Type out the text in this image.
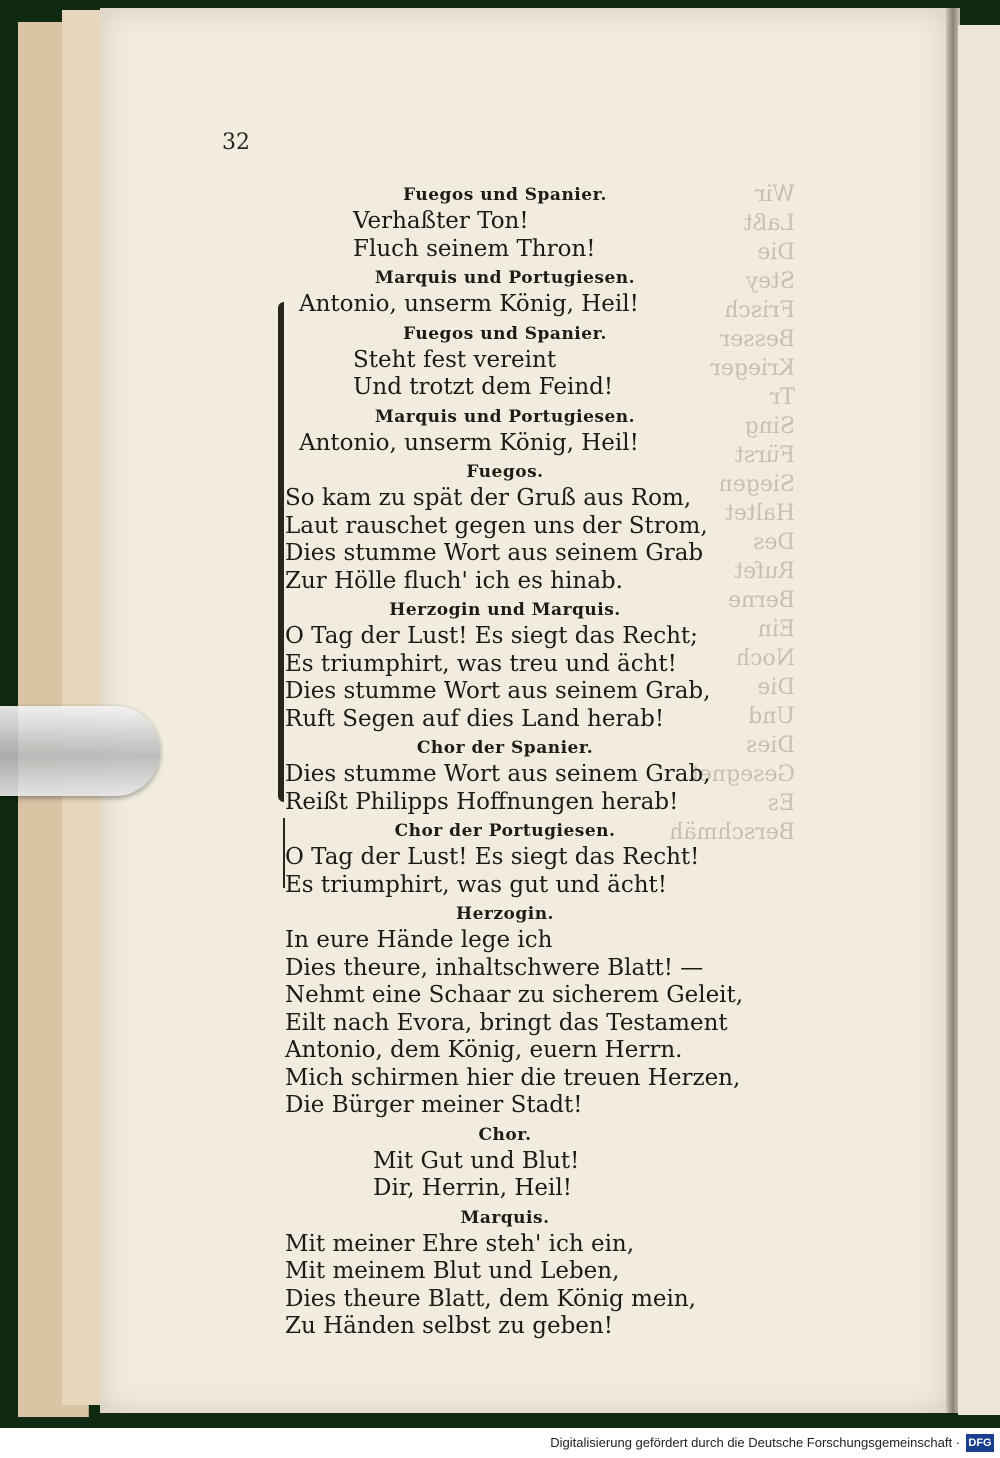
Wir
Laßt
Die
Stey
Frisch
Besser
Krieger
Tr
Sing
Fürst
Siegen
Haltet
Des
Rufet
Berne
Ein
Noch
Die
Und
Dies
Gesegnet
Es
Berschmäh
32
Fuegos und Spanier.
Verhaßter Ton!
Fluch seinem Thron!
Marquis und Portugiesen.
Antonio, unserm König, Heil!
Fuegos und Spanier.
Steht fest vereint
Und trotzt dem Feind!
Marquis und Portugiesen.
Antonio, unserm König, Heil!
Fuegos.
So kam zu spät der Gruß aus Rom,
Laut rauschet gegen uns der Strom,
Dies stumme Wort aus seinem Grab
Zur Hölle fluch' ich es hinab.
Herzogin und Marquis.
O Tag der Lust! Es siegt das Recht;
Es triumphirt, was treu und ächt!
Dies stumme Wort aus seinem Grab,
Ruft Segen auf dies Land herab!
Chor der Spanier.
Dies stumme Wort aus seinem Grab,
Reißt Philipps Hoffnungen herab!
Chor der Portugiesen.
O Tag der Lust! Es siegt das Recht!
Es triumphirt, was gut und ächt!
Herzogin.
In eure Hände lege ich
Dies theure, inhaltschwere Blatt! —
Nehmt eine Schaar zu sicherem Geleit,
Eilt nach Evora, bringt das Testament
Antonio, dem König, euern Herrn.
Mich schirmen hier die treuen Herzen,
Die Bürger meiner Stadt!
Chor.
Mit Gut und Blut!
Dir, Herrin, Heil!
Marquis.
Mit meiner Ehre steh' ich ein,
Mit meinem Blut und Leben,
Dies theure Blatt, dem König mein,
Zu Händen selbst zu geben!
Digitalisierung gefördert durch die Deutsche Forschungsgemeinschaft · DFG
